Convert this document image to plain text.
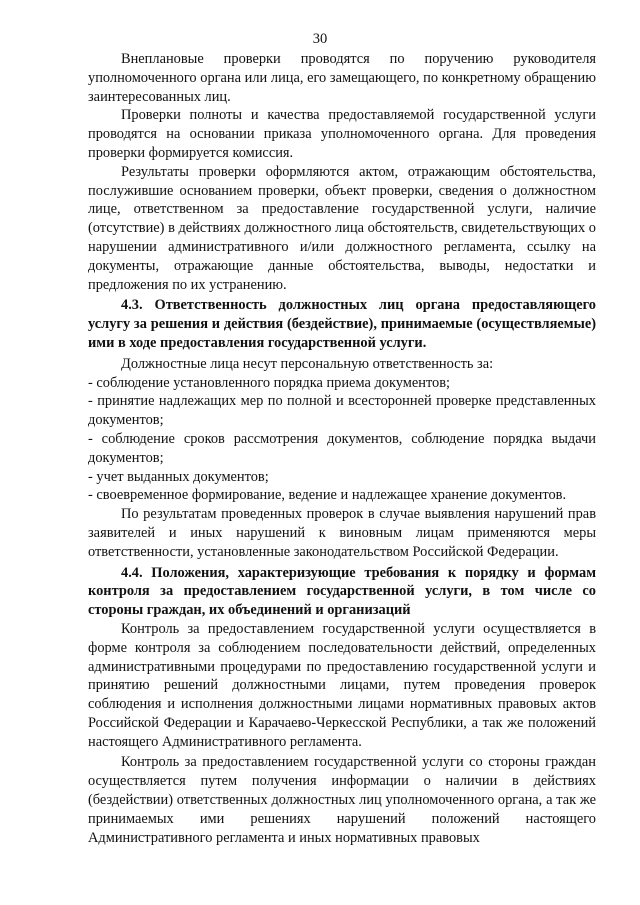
30

Внеплановые проверки проводятся по поручению руководителя уполномоченного органа или лица, его замещающего, по конкретному обращению заинтересованных лиц.

Проверки полноты и качества предоставляемой государственной услуги проводятся на основании приказа уполномоченного органа. Для проведения проверки формируется комиссия.

Результаты проверки оформляются актом, отражающим обстоятельства, послужившие основанием проверки, объект проверки, сведения о должностном лице, ответственном за предоставление государственной услуги, наличие (отсутствие) в действиях должностного лица обстоятельств, свидетельствующих о нарушении административного и/или должностного регламента, ссылку на документы, отражающие данные обстоятельства, выводы, недостатки и предложения по их устранению.

4.3. Ответственность должностных лиц органа предоставляющего услугу за решения и действия (бездействие), принимаемые (осуществляемые) ими в ходе предоставления государственной услуги.

Должностные лица несут персональную ответственность за:

- соблюдение установленного порядка приема документов;

- принятие надлежащих мер по полной и всесторонней проверке представленных документов;

- соблюдение сроков рассмотрения документов, соблюдение порядка выдачи документов;

- учет выданных документов;

- своевременное формирование, ведение и надлежащее хранение документов.

По результатам проведенных проверок в случае выявления нарушений прав заявителей и иных нарушений к виновным лицам применяются меры ответственности, установленные законодательством Российской Федерации.

4.4. Положения, характеризующие требования к порядку и формам контроля за предоставлением государственной услуги, в том числе со стороны граждан, их объединений и организаций

Контроль за предоставлением государственной услуги осуществляется в форме контроля за соблюдением последовательности действий, определенных административными процедурами по предоставлению государственной услуги и принятию решений должностными лицами, путем проведения проверок соблюдения и исполнения должностными лицами нормативных правовых актов Российской Федерации и Карачаево-Черкесской Республики, а так же положений настоящего Административного регламента.

Контроль за предоставлением государственной услуги со стороны граждан осуществляется путем получения информации о наличии в действиях (бездействии) ответственных должностных лиц уполномоченного органа, а так же принимаемых ими решениях нарушений положений настоящего Административного регламента и иных нормативных правовых
